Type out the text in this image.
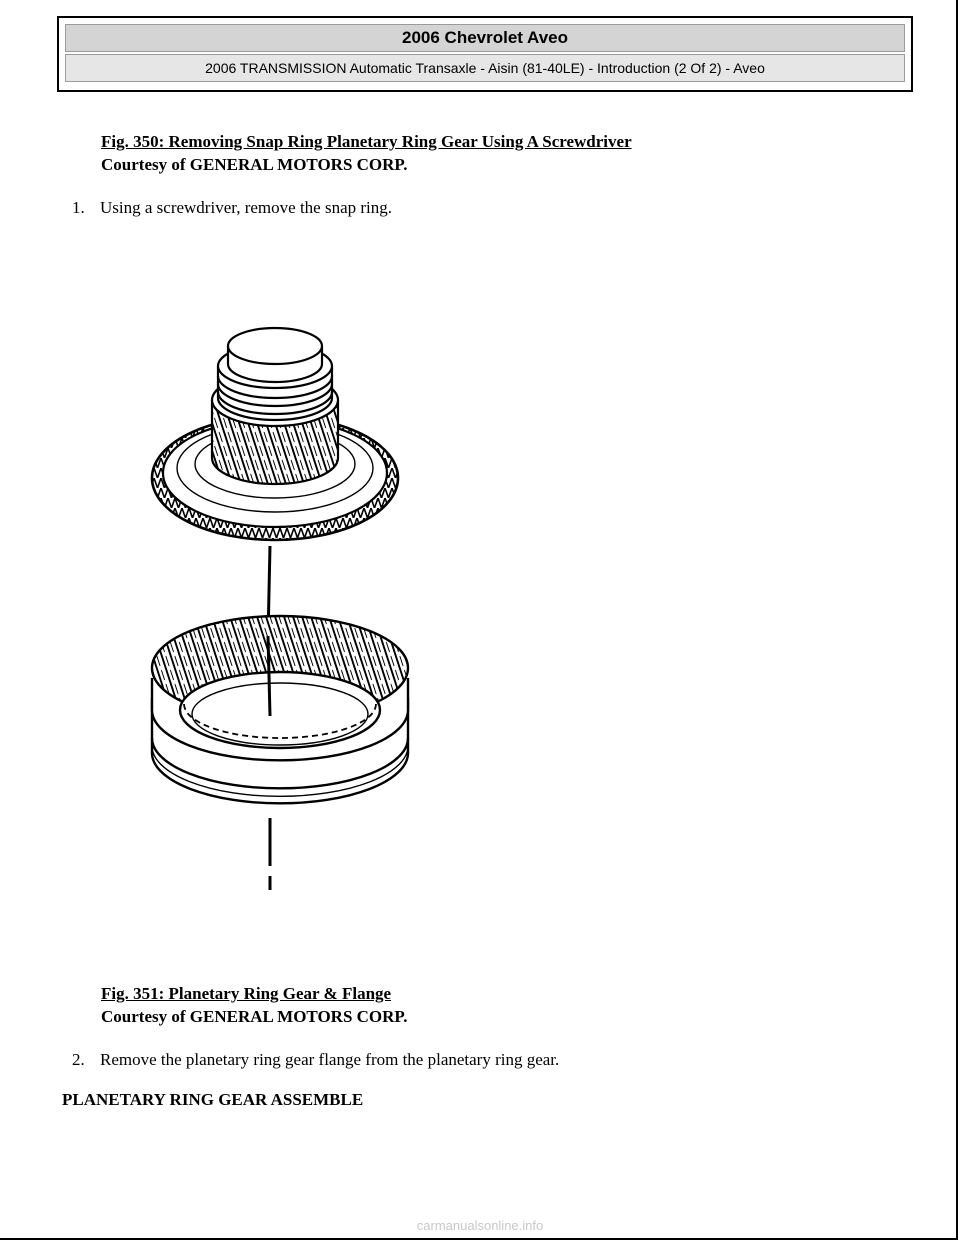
2006 Chevrolet Aveo
2006 TRANSMISSION Automatic Transaxle - Aisin (81-40LE) - Introduction (2 Of 2) - Aveo
Fig. 350: Removing Snap Ring Planetary Ring Gear Using A Screwdriver
Courtesy of GENERAL MOTORS CORP.
1. Using a screwdriver, remove the snap ring.
Fig. 351: Planetary Ring Gear & Flange
Courtesy of GENERAL MOTORS CORP.
2. Remove the planetary ring gear flange from the planetary ring gear.
PLANETARY RING GEAR ASSEMBLE
carmanualsonline.info
